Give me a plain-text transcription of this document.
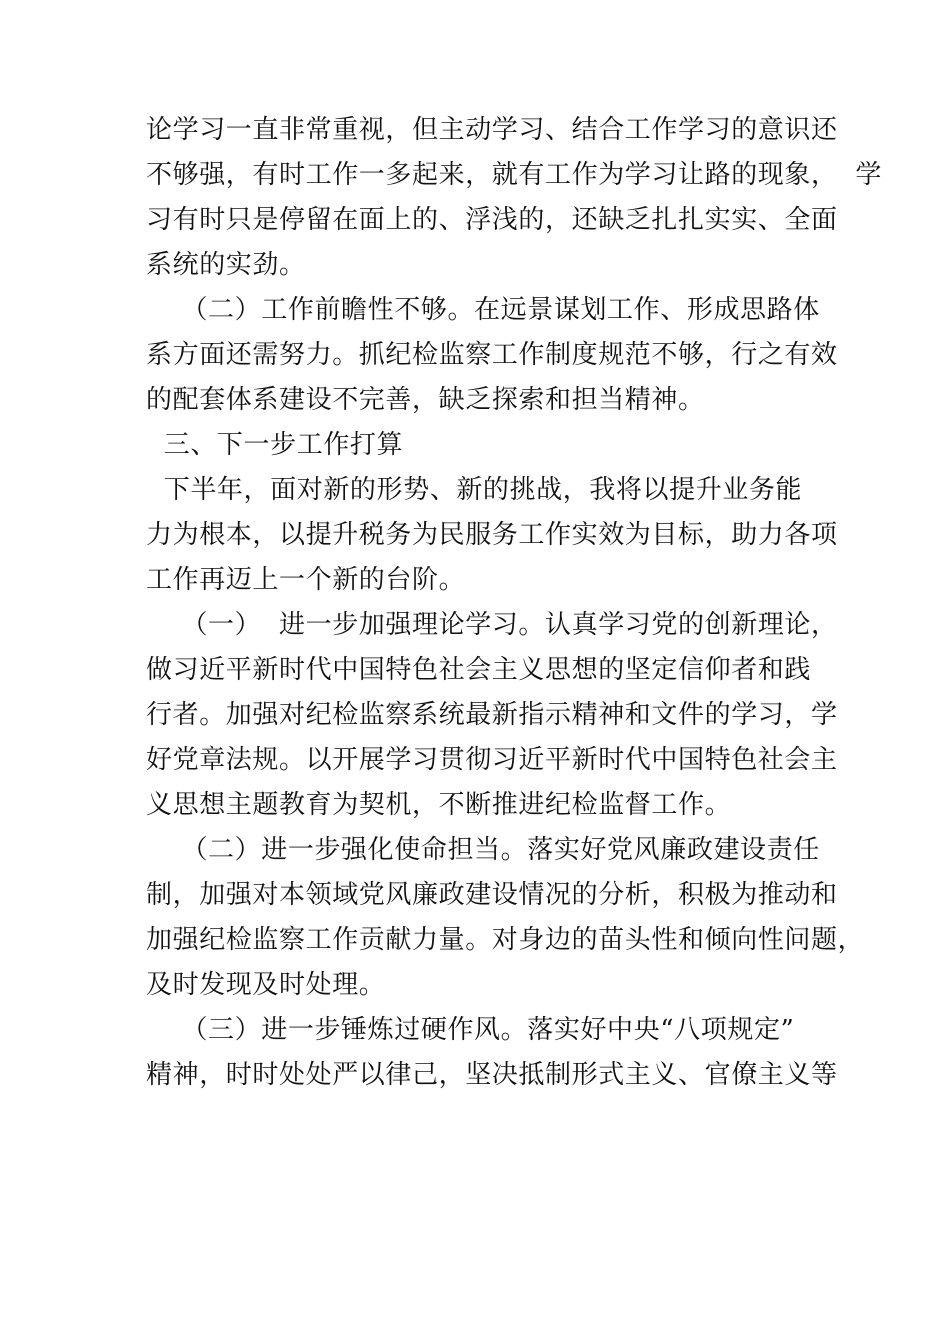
论学习一直非常重视，但主动学习、结合工作学习的意识还
不够强，有时工作一多起来，就有工作为学习让路的现象，  学
习有时只是停留在面上的、浮浅的，还缺乏扎扎实实、全面
系统的实劲。
（二）工作前瞻性不够。在远景谋划工作、形成思路体
系方面还需努力。抓纪检监察工作制度规范不够，行之有效
的配套体系建设不完善，缺乏探索和担当精神。
三、下一步工作打算
下半年，面对新的形势、新的挑战，我将以提升业务能
力为根本，以提升税务为民服务工作实效为目标，助力各项
工作再迈上一个新的台阶。
（一）  进一步加强理论学习。认真学习党的创新理论，
做习近平新时代中国特色社会主义思想的坚定信仰者和践
行者。加强对纪检监察系统最新指示精神和文件的学习，学
好党章法规。以开展学习贯彻习近平新时代中国特色社会主
义思想主题教育为契机，不断推进纪检监督工作。
（二）进一步强化使命担当。落实好党风廉政建设责任
制，加强对本领域党风廉政建设情况的分析，积极为推动和
加强纪检监察工作贡献力量。对身边的苗头性和倾向性问题，
及时发现及时处理。
（三）进一步锤炼过硬作风。落实好中央“八项规定”
精神，时时处处严以律己，坚决抵制形式主义、官僚主义等
